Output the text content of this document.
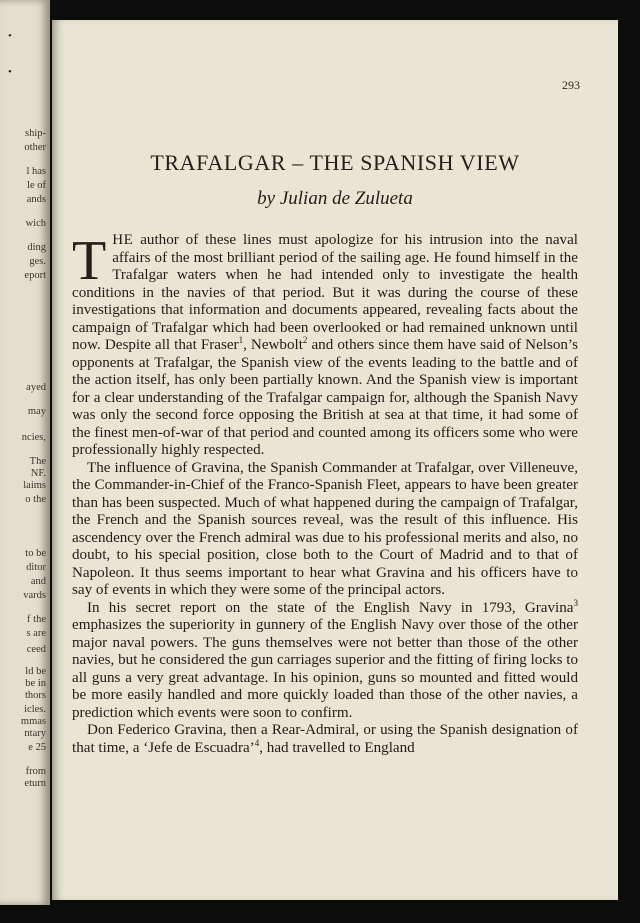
•
•
ship-
other
l has
le of
ands
wich
ding
ges.
eport
ayed
may
ncies,
The
NF.
laims
o the
to be
ditor
and
vards
f the
s are
ceed
ld be
be in
thors
icles.
mmas
ntary
e 25
from
eturn
293
TRAFALGAR – THE SPANISH VIEW
by Julian de Zulueta

THE author of these lines must apologize for his intrusion into the naval affairs of the most brilliant period of the sailing age. He found himself in the Trafalgar waters when he had intended only to investigate the health conditions in the navies of that period. But it was during the course of these investigations that information and documents appeared, revealing facts about the campaign of Trafalgar which had been overlooked or had remained unknown until now. Despite all that Fraser$^1$, Newbolt$^2$ and others since them have said of Nelson’s opponents at Trafalgar, the Spanish view of the events leading to the battle and of the action itself, has only been partially known. And the Spanish view is important for a clear understanding of the Trafalgar campaign for, although the Spanish Navy was only the second force opposing the British at sea at that time, it had some of the finest men-of-war of that period and counted among its officers some who were professionally highly respected.

The influence of Gravina, the Spanish Commander at Trafalgar, over Villeneuve, the Commander-in-Chief of the Franco-Spanish Fleet, appears to have been greater than has been suspected. Much of what happened during the campaign of Trafalgar, the French and the Spanish sources reveal, was the result of this influence. His ascendency over the French admiral was due to his professional merits and also, no doubt, to his special position, close both to the Court of Madrid and to that of Napoleon. It thus seems important to hear what Gravina and his officers have to say of events in which they were some of the principal actors.

In his secret report on the state of the English Navy in 1793, Gravina$^3$ emphasizes the superiority in gunnery of the English Navy over those of the other major naval powers. The guns themselves were not better than those of the other navies, but he considered the gun carriages superior and the fitting of firing locks to all guns a very great advantage. In his opinion, guns so mounted and fitted would be more easily handled and more quickly loaded than those of the other navies, a prediction which events were soon to confirm.

Don Federico Gravina, then a Rear-Admiral, or using the Spanish designation of that time, a ‘Jefe de Escuadra’$^4$, had travelled to England
